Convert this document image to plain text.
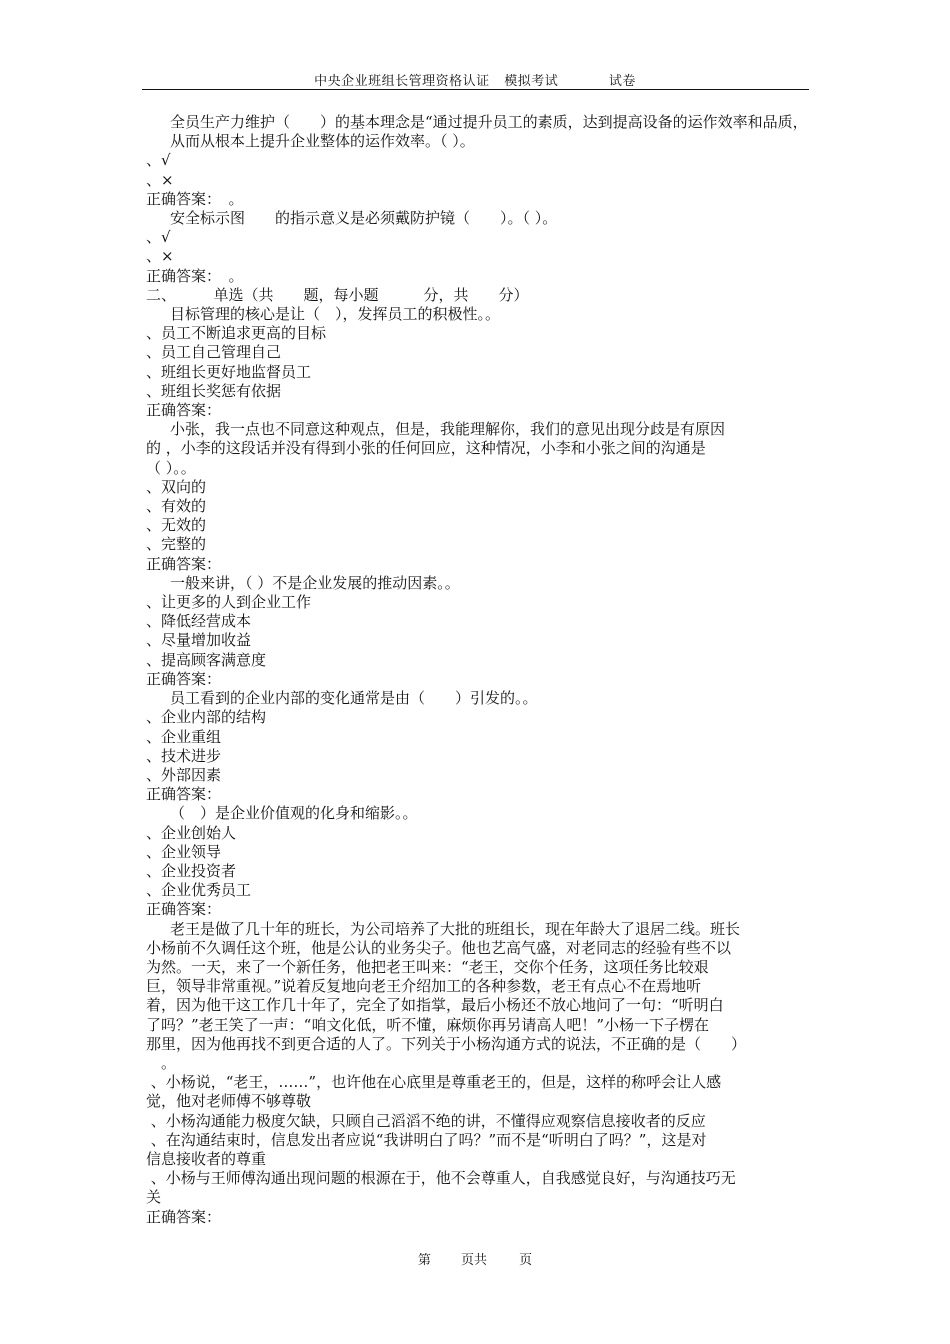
中央企业班组长管理资格认证 模拟考试	试卷
全员生产力维护（　　）的基本理念是“通过提升员工的素质，达到提高设备的运作效率和品质，从而从根本上提升企业整体的运作效率。（ ）。
、√
、×
正确答案：　。
安全标示图　　的指示意义是必须戴防护镜（　　）。（ ）。
、√
、×
正确答案：　。
二、　　　单选（共　　题，每小题　　　分，共　　分）
目标管理的核心是让（　），发挥员工的积极性。。
、员工不断追求更高的目标
、员工自己管理自己
、班组长更好地监督员工
、班组长奖惩有依据
正确答案：
小张，我一点也不同意这种观点，但是，我能理解你，我们的意见出现分歧是有原因
的 ，小李的这段话并没有得到小张的任何回应，这种情况，小李和小张之间的沟通是
（ ）。。
、双向的
、有效的
、无效的
、完整的
正确答案：
一般来讲，（ ）不是企业发展的推动因素。。
、让更多的人到企业工作
、降低经营成本
、尽量增加收益
、提高顾客满意度
正确答案：
员工看到的企业内部的变化通常是由（　　）引发的。。
、企业内部的结构
、企业重组
、技术进步
、外部因素
正确答案：
（　）是企业价值观的化身和缩影。。
、企业创始人
、企业领导
、企业投资者
、企业优秀员工
正确答案：
老王是做了几十年的班长，为公司培养了大批的班组长，现在年龄大了退居二线。班长
小杨前不久调任这个班，他是公认的业务尖子。他也艺高气盛，对老同志的经验有些不以
为然。一天，来了一个新任务，他把老王叫来：“老王，交你个任务，这项任务比较艰
巨，领导非常重视。”说着反复地向老王介绍加工的各种参数，老王有点心不在焉地听
着，因为他干这工作几十年了，完全了如指掌，最后小杨还不放心地问了一句：“听明白
了吗？”老王笑了一声：“咱文化低，听不懂，麻烦你再另请高人吧！”小杨一下子楞在
那里，因为他再找不到更合适的人了。下列关于小杨沟通方式的说法，不正确的是（　　）
　。
、小杨说，“老王，……”，也许他在心底里是尊重老王的，但是，这样的称呼会让人感
觉，他对老师傅不够尊敬
、小杨沟通能力极度欠缺，只顾自己滔滔不绝的讲，不懂得应观察信息接收者的反应
、在沟通结束时，信息发出者应说“我讲明白了吗？”而不是“听明白了吗？”，这是对
信息接收者的尊重
、小杨与王师傅沟通出现问题的根源在于，他不会尊重人，自我感觉良好，与沟通技巧无
关
正确答案：
第 页共 页
